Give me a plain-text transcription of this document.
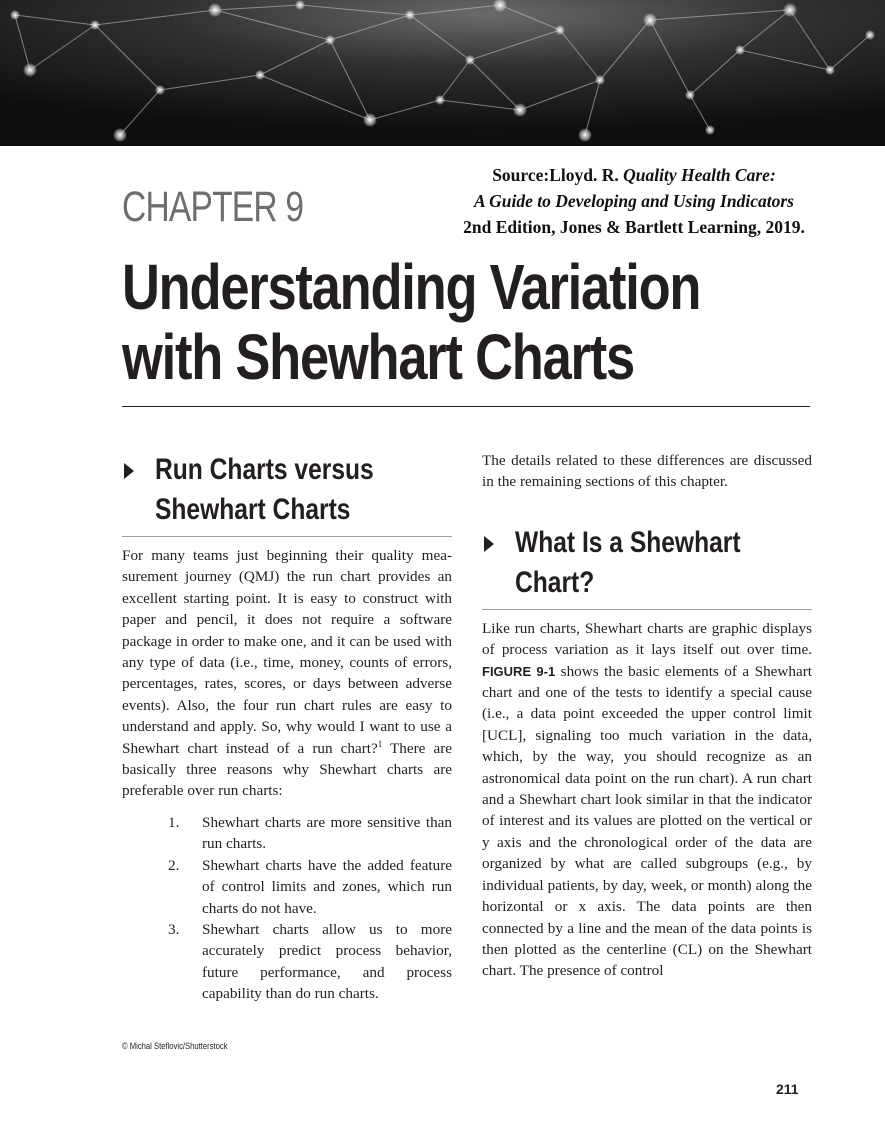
Source:Lloyd. R. Quality Health Care:
A Guide to Developing and Using Indicators
2nd Edition, Jones & Bartlett Learning, 2019.
CHAPTER 9
Understanding Variation
with Shewhart Charts
Run Charts versus
Shewhart Charts

For many teams just beginning their quality measurement journey (QMJ) the run chart provides an excellent starting point. It is easy to construct with paper and pencil, it does not require a software package in order to make one, and it can be used with any type of data (i.e., time, money, counts of errors, percentages, rates, scores, or days between adverse events). Also, the four run chart rules are easy to understand and apply. So, why would I want to use a Shewhart chart instead of a run chart?$^1$ There are basically three reasons why Shewhart charts are preferable over run charts:

1. Shewhart charts are more sensitive than run charts.
2. Shewhart charts have the added feature of control limits and zones, which run charts do not have.
3. Shewhart charts allow us to more accurately predict process behavior, future performance, and process capability than do run charts.

The details related to these differences are discussed in the remaining sections of this chapter.

What Is a Shewhart
Chart?

Like run charts, Shewhart charts are graphic displays of process variation as it lays itself out over time. FIGURE 9-1 shows the basic elements of a Shewhart chart and one of the tests to identify a special cause (i.e., a data point exceeded the upper control limit [UCL], signaling too much variation in the data, which, by the way, you should recognize as an astronomical data point on the run chart). A run chart and a Shewhart chart look similar in that the indicator of interest and its values are plotted on the vertical or y axis and the chronological order of the data are organized by what are called subgroups (e.g., by individual patients, by day, week, or month) along the horizontal or x axis. The data points are then connected by a line and the mean of the data points is then plotted as the centerline (CL) on the Shewhart chart. The presence of control

© Michal Steflovic/Shutterstock
211
